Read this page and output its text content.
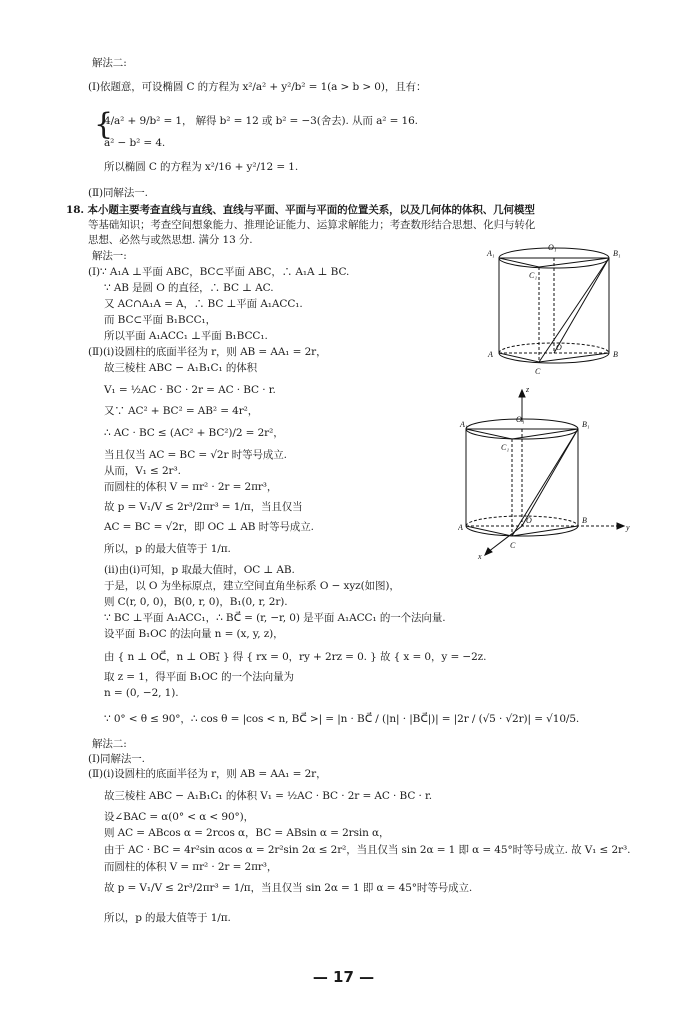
解法二:
(Ⅰ)依题意，可设椭圆 C 的方程为 x²/a² + y²/b² = 1(a > b > 0)，且有：
{
4/a² + 9/b² = 1， 解得 b² = 12 或 b² = −3(舍去). 从而 a² = 16.
a² − b² = 4.
所以椭圆 C 的方程为 x²/16 + y²/12 = 1.
(Ⅱ)同解法一.
18. 本小题主要考查直线与直线、直线与平面、平面与平面的位置关系，以及几何体的体积、几何模型
等基础知识；考查空间想象能力、推理论证能力、运算求解能力；考查数形结合思想、化归与转化
思想、必然与或然思想. 满分 13 分.
解法一:
(Ⅰ)∵ A₁A ⊥平面 ABC，BC⊂平面 ABC，∴ A₁A ⊥ BC.
∵ AB 是圆 O 的直径，∴ BC ⊥ AC.
又 AC∩A₁A = A，∴ BC ⊥平面 A₁ACC₁.
而 BC⊂平面 B₁BCC₁，
所以平面 A₁ACC₁ ⊥平面 B₁BCC₁.
(Ⅱ)(ⅰ)设圆柱的底面半径为 r，则 AB = AA₁ = 2r，
故三棱柱 ABC − A₁B₁C₁ 的体积
V₁ = ½AC · BC · 2r = AC · BC · r.
又∵ AC² + BC² = AB² = 4r²，
∴ AC · BC ≤ (AC² + BC²)/2 = 2r²，
当且仅当 AC = BC = √2r 时等号成立.
从而，V₁ ≤ 2r³.
而圆柱的体积 V = πr² · 2r = 2πr³，
故 p = V₁/V ≤ 2r³/2πr³ = 1/π，当且仅当
AC = BC = √2r，即 OC ⊥ AB 时等号成立.
所以，p 的最大值等于 1/π.
(ⅱ)由(ⅰ)可知，p 取最大值时，OC ⊥ AB.
于是，以 O 为坐标原点，建立空间直角坐标系 O − xyz(如图)，
则 C(r, 0, 0)，B(0, r, 0)，B₁(0, r, 2r).
∵ BC ⊥平面 A₁ACC₁，∴ BC⃗ = (r, −r, 0) 是平面 A₁ACC₁ 的一个法向量.
设平面 B₁OC 的法向量 n = (x, y, z)，
由 { n ⊥ OC⃗，n ⊥ OB₁⃗ } 得 { rx = 0，ry + 2rz = 0. } 故 { x = 0，y = −2z.
取 z = 1，得平面 B₁OC 的一个法向量为
n = (0, −2, 1).
∵ 0° < θ ≤ 90°，∴ cos θ = |cos < n, BC⃗ >| = |n · BC⃗ / (|n| · |BC⃗|)| = |2r / (√5 · √2r)| = √10/5.
解法二:
(Ⅰ)同解法一.
(Ⅱ)(ⅰ)设圆柱的底面半径为 r，则 AB = AA₁ = 2r，
故三棱柱 ABC − A₁B₁C₁ 的体积 V₁ = ½AC · BC · 2r = AC · BC · r.
设∠BAC = α(0° < α < 90°)，
则 AC = ABcos α = 2rcos α，BC = ABsin α = 2rsin α，
由于 AC · BC = 4r²sin αcos α = 2r²sin 2α ≤ 2r²，当且仅当 sin 2α = 1 即 α = 45°时等号成立. 故 V₁ ≤ 2r³.
而圆柱的体积 V = πr² · 2r = 2πr³，
故 p = V₁/V ≤ 2r³/2πr³ = 1/π，当且仅当 sin 2α = 1 即 α = 45°时等号成立.
所以，p 的最大值等于 1/π.
— 17 —
A₁
O₁
B₁
C₁
A
O
B
C
z
A₁
O₁
B₁
C₁
A
O	B
C
x
y
